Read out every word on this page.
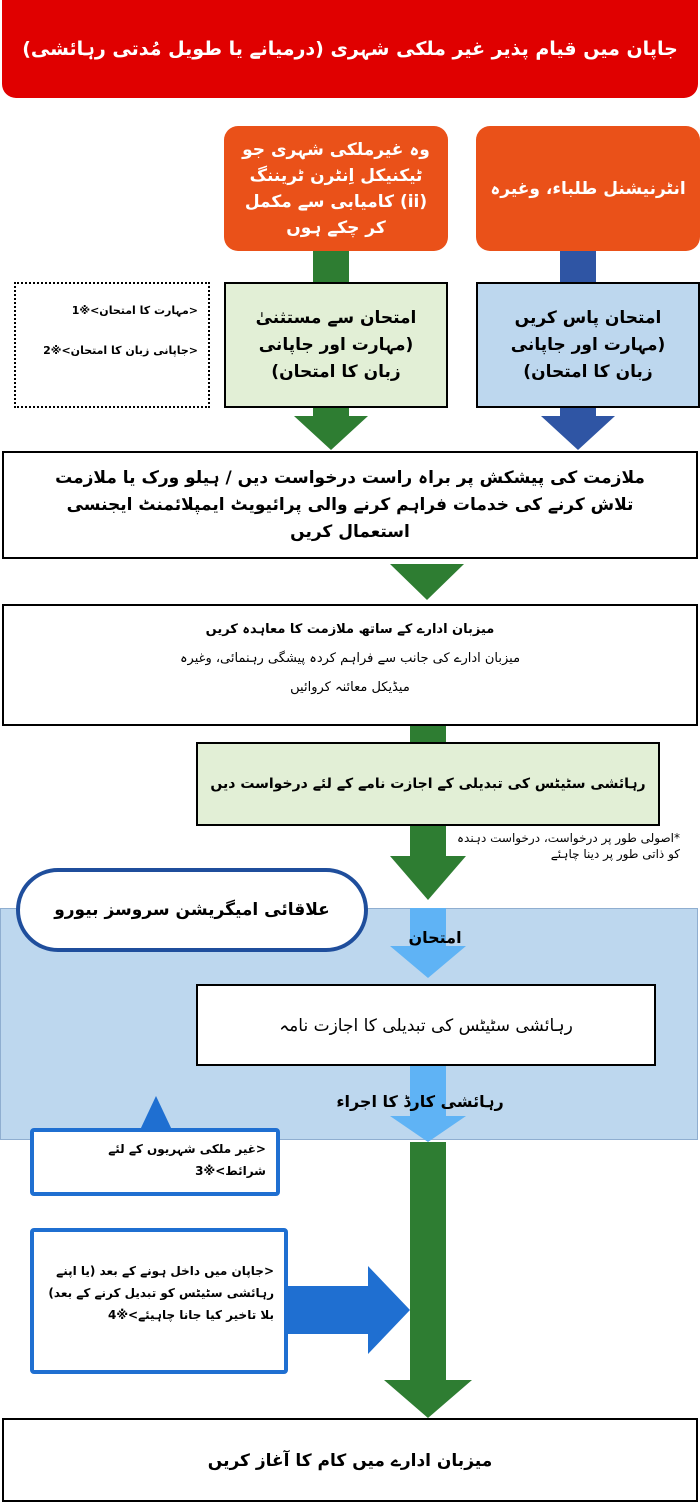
جاپان میں قیام پذیر غیر ملکی شہری (درمیانے یا طویل مُدتی رہائشی)
وہ غیرملکی شہری جو ٹیکنیکل اِنٹرن ٹریننگ (ii) کامیابی سے مکمل کر چکے ہوں
انٹرنیشنل طلباء، وغیرہ
<مہارت کا امتحان>※1
<جاپانی زبان کا امتحان>※2
امتحان سے مستثنیٰ (مہارت اور جاپانی زبان کا امتحان)
امتحان پاس کریں (مہارت اور جاپانی زبان کا امتحان)
ملازمت کی پیشکش پر براہ راست درخواست دیں / ہیلو ورک یا ملازمت تلاش کرنے کی خدمات فراہم کرنے والی پرائیویٹ ایمپلائمنٹ ایجنسی استعمال کریں
میزبان ادارے کے ساتھ ملازمت کا معاہدہ کریں
میزبان ادارے کی جانب سے فراہم کردہ پیشگی رہنمائی، وغیرہ
میڈیکل معائنہ کروائیں
رہائشی سٹیٹس کی تبدیلی کے اجازت نامے کے لئے درخواست دیں
*اصولی طور پر درخواست، درخواست دہندہ کو ذاتی طور پر دینا چاہئے
علاقائی امیگریشن سروسز بیورو
امتحان
رہائشی سٹیٹس کی تبدیلی کا اجازت نامہ
رہائشی کارڈ کا اجراء
<غیر ملکی شہریوں کے لئے شرائط>※3
<جاپان میں داخل ہونے کے بعد (یا اپنے رہائشی سٹیٹس کو تبدیل کرنے کے بعد) بلا تاخیر کیا جانا چاہیئے>※4
میزبان ادارے میں کام کا آغاز کریں
